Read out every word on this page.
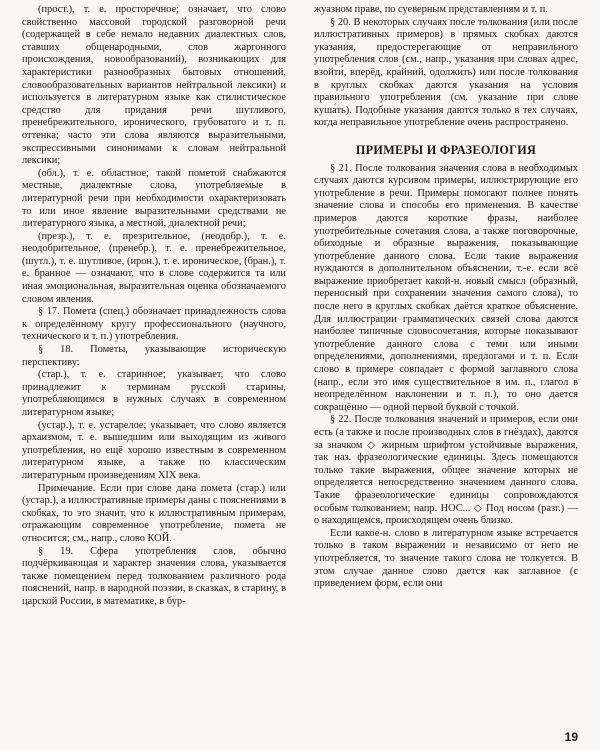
(прост.), т. е. просторечное; означает, что слово свойственно массовой городской разговорной речи (содержащей в себе немало недавних диалектных слов, ставших общенародными, слов жаргонного происхождения, новообразований), возникающих для характеристики разнообразных бытовых отношений, словообразовательных вариантов нейтральной лексики) и используется в литературном языке как стилистическое средство для придания речи шутливого, пренебрежительного, иронического, грубоватого и т. п. оттенка; часто эти слова являются выразительными, экспрессивными синонимами к словам нейтральной лексики;

(обл.), т. е. областное; такой пометой снабжаются местные, диалектные слова, употребляемые в литературной речи при необходимости охарактеризовать то или иное явление выразительными средствами не литературного языка, а местной, диалектной речи;

(презр.), т. е. презрительное, (неодобр.), т. е. неодобрительное, (пренебр.), т. е. пренебрежительное, (шутл.), т. е. шутливое, (ирон.), т. е. ироническое, (бран.), т. е. бранное — означают, что в слове содержится та или иная эмоциональная, выразительная оценка обозначаемого словом явления.

§ 17. Помета (спец.) обозначает принадлежность слова к определённому кругу профессионального (научного, технического и т. п.) употребления.

§ 18. Пометы, указывающие историческую перспективу:

(стар.), т. е. старинное; указывает, что слово принадлежит к терминам русской старины, употребляющимся в нужных случаях в современном литературном языке;

(устар.), т. е. устарелое; указывает, что слово является архаизмом, т. е. вышедшим или выходящим из живого употребления, но ещё хорошо известным в современном литературном языке, а также по классическим литературным произведениям XIX века.

Примечание. Если при слове дана помета (стар.) или (устар.), а иллюстративные примеры даны с пояснениями в скобках, то это значит, что к иллюстративным примерам, отражающим современное употребление, помета не относится; см., напр., слово КОЙ.

§ 19. Сфера употребления слов, обычно подчёркивающая и характер значения слова, указывается также помещением перед толкованием различного рода пояснений, напр. в народной поэзии, в сказках, в старину, в царской России, в математике, в бур-

жуазном праве, по суеверным представлениям и т. п.

§ 20. В некоторых случаях после толкования (или после иллюстративных примеров) в прямых скобках даются указания, предостерегающие от неправильного употребления слов (см., напр., указания при словах а́дрес, взойти́, вперёд, кра́йний, одолжи́ть) или после толкования в круглых скобках даются указания на условия правильного употребления (см. указание при слове куша́ть). Подобные указания даются только в тех случаях, когда неправильное употребление очень распространено.

ПРИМЕРЫ И ФРАЗЕОЛОГИЯ

§ 21. После толкования значения слова в необходимых случаях даются курсивом примеры, иллюстрирующие его употребление в речи. Примеры помогают полнее понять значение слова и способы его применения. В качестве примеров даются короткие фразы, наиболее употребительные сочетания слова, а также поговорочные, обиходные и образные выражения, показывающие употребление данного слова. Если такие выражения нуждаются в дополнительном объяснении, т.-е. если всё выражение приобретает какой-н. новый смысл (образный, переносный при сохранении значения самого слова), то после него в круглых скобках даётся краткое объяснение. Для иллюстрации грамматических связей слова даются наиболее типичные словосочетания, которые показывают употребление данного слова с теми или иными определениями, дополнениями, предлогами и т. п. Если слово в примере совпадает с формой заглавного слова (напр., если это имя существительное в им. п., глагол в неопределённом наклонении и т. п.), то оно дается сокращённо — одной первой буквой с точкой.

§ 22. После толкования значений и примеров, если они есть (а также и после производных слов в гнёздах), даются за значком ◇ жирным шрифтом устойчивые выражения, так наз. фразеологические единицы. Здесь помещаются только такие выражения, общее значение которых не определяется непосредственно значением данного слова. Такие фразеологические единицы сопровождаются особым толкованием; напр. НОС... ◇ Под носом (разг.) — о находящемся, происходящем очень близко.

Если какое-н. слово в литературном языке встречается только в таком выражении и независимо от него не употребляется, то значение такого слова не толкуется. В этом случае данное слово дается как заглавное (с приведением форм, если они

19
